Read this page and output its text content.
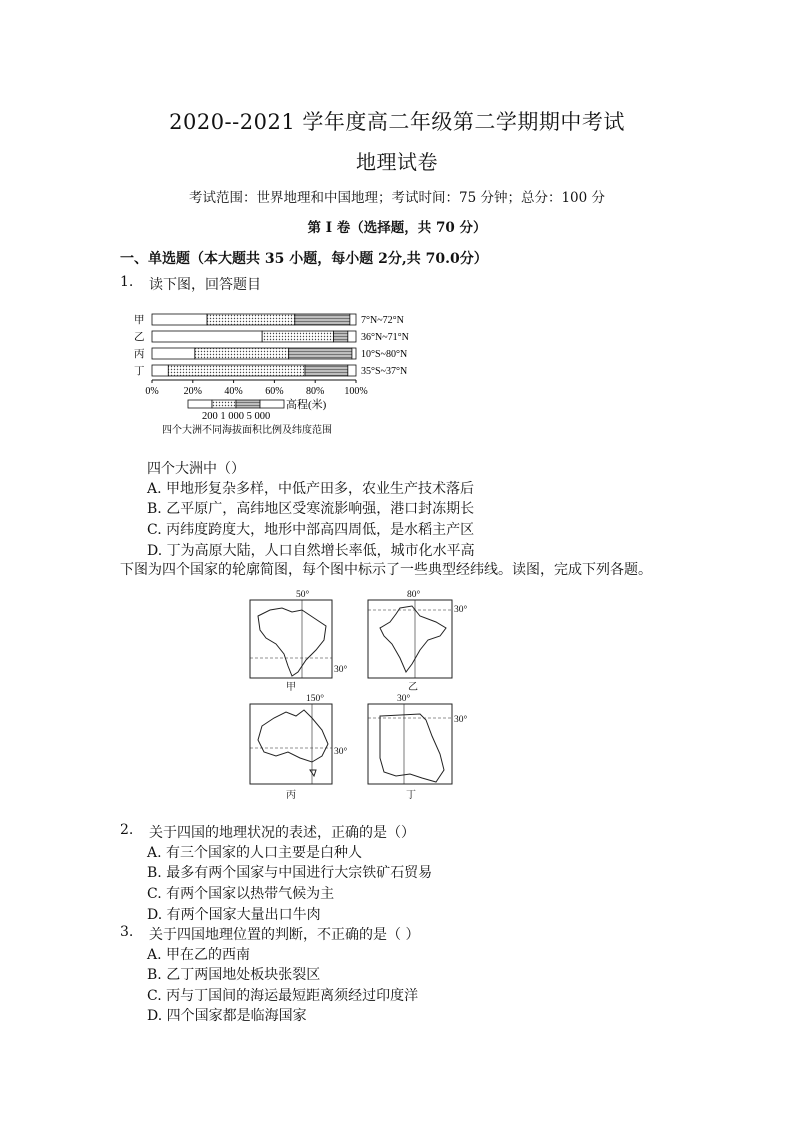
2020--2021 学年度高二年级第二学期期中考试
地理试卷
考试范围：世界地理和中国地理；考试时间：75 分钟；总分：100 分
第 I 卷（选择题，共 70 分）
一、单选题（本大题共 35 小题，每小题 2分,共 70.0分）
1. 读下图，回答题目
甲	7°N~72°N
乙	36°N~71°N
丙	10°S~80°N
丁	35°S~37°N
0% 20% 40% 60% 80% 100%
200 1 000 5 000
高程(米)
四个大洲不同海拔面积比例及纬度范围
四个大洲中（）
A. 甲地形复杂多样，中低产田多，农业生产技术落后
B. 乙平原广，高纬地区受寒流影响强，港口封冻期长
C. 丙纬度跨度大，地形中部高四周低，是水稻主产区
D. 丁为高原大陆，人口自然增长率低，城市化水平高
下图为四个国家的轮廓简图，每个图中标示了一些典型经纬线。读图，完成下列各题。
50°
30°
甲
80°
30°
乙
150°
30°
丙
30°
30°
丁
2. 关于四国的地理状况的表述，正确的是（）
A. 有三个国家的人口主要是白种人
B. 最多有两个国家与中国进行大宗铁矿石贸易
C. 有两个国家以热带气候为主
D. 有两个国家大量出口牛肉
3. 关于四国地理位置的判断，不正确的是（ ）
A. 甲在乙的西南
B. 乙丁两国地处板块张裂区
C. 丙与丁国间的海运最短距离须经过印度洋
D. 四个国家都是临海国家
